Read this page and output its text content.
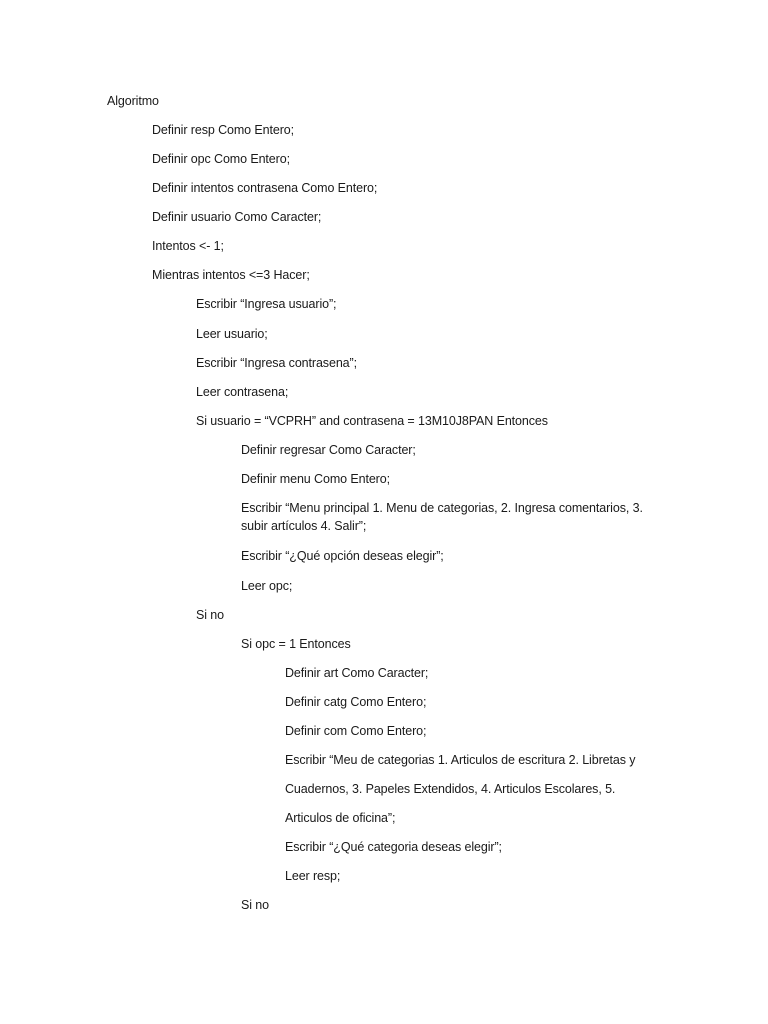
Algoritmo

Definir resp Como Entero;

Definir opc Como Entero;

Definir intentos contrasena Como Entero;

Definir usuario Como Caracter;

Intentos <- 1;

Mientras intentos <=3 Hacer;

Escribir “Ingresa usuario”;

Leer usuario;

Escribir “Ingresa contrasena”;

Leer contrasena;

Si usuario = “VCPRH” and contrasena = 13M10J8PAN Entonces

Definir regresar Como Caracter;

Definir menu Como Entero;

Escribir “Menu principal 1. Menu de categorias, 2. Ingresa comentarios, 3. subir artículos 4. Salir”;

Escribir “¿Qué opción deseas elegir”;

Leer opc;

Si no

Si opc = 1 Entonces

Definir art Como Caracter;

Definir catg Como Entero;

Definir com Como Entero;

Escribir “Meu de categorias 1. Articulos de escritura 2. Libretas y

Cuadernos, 3. Papeles Extendidos, 4. Articulos Escolares, 5.

Articulos de oficina”;

Escribir “¿Qué categoria deseas elegir”;

Leer resp;

Si no
